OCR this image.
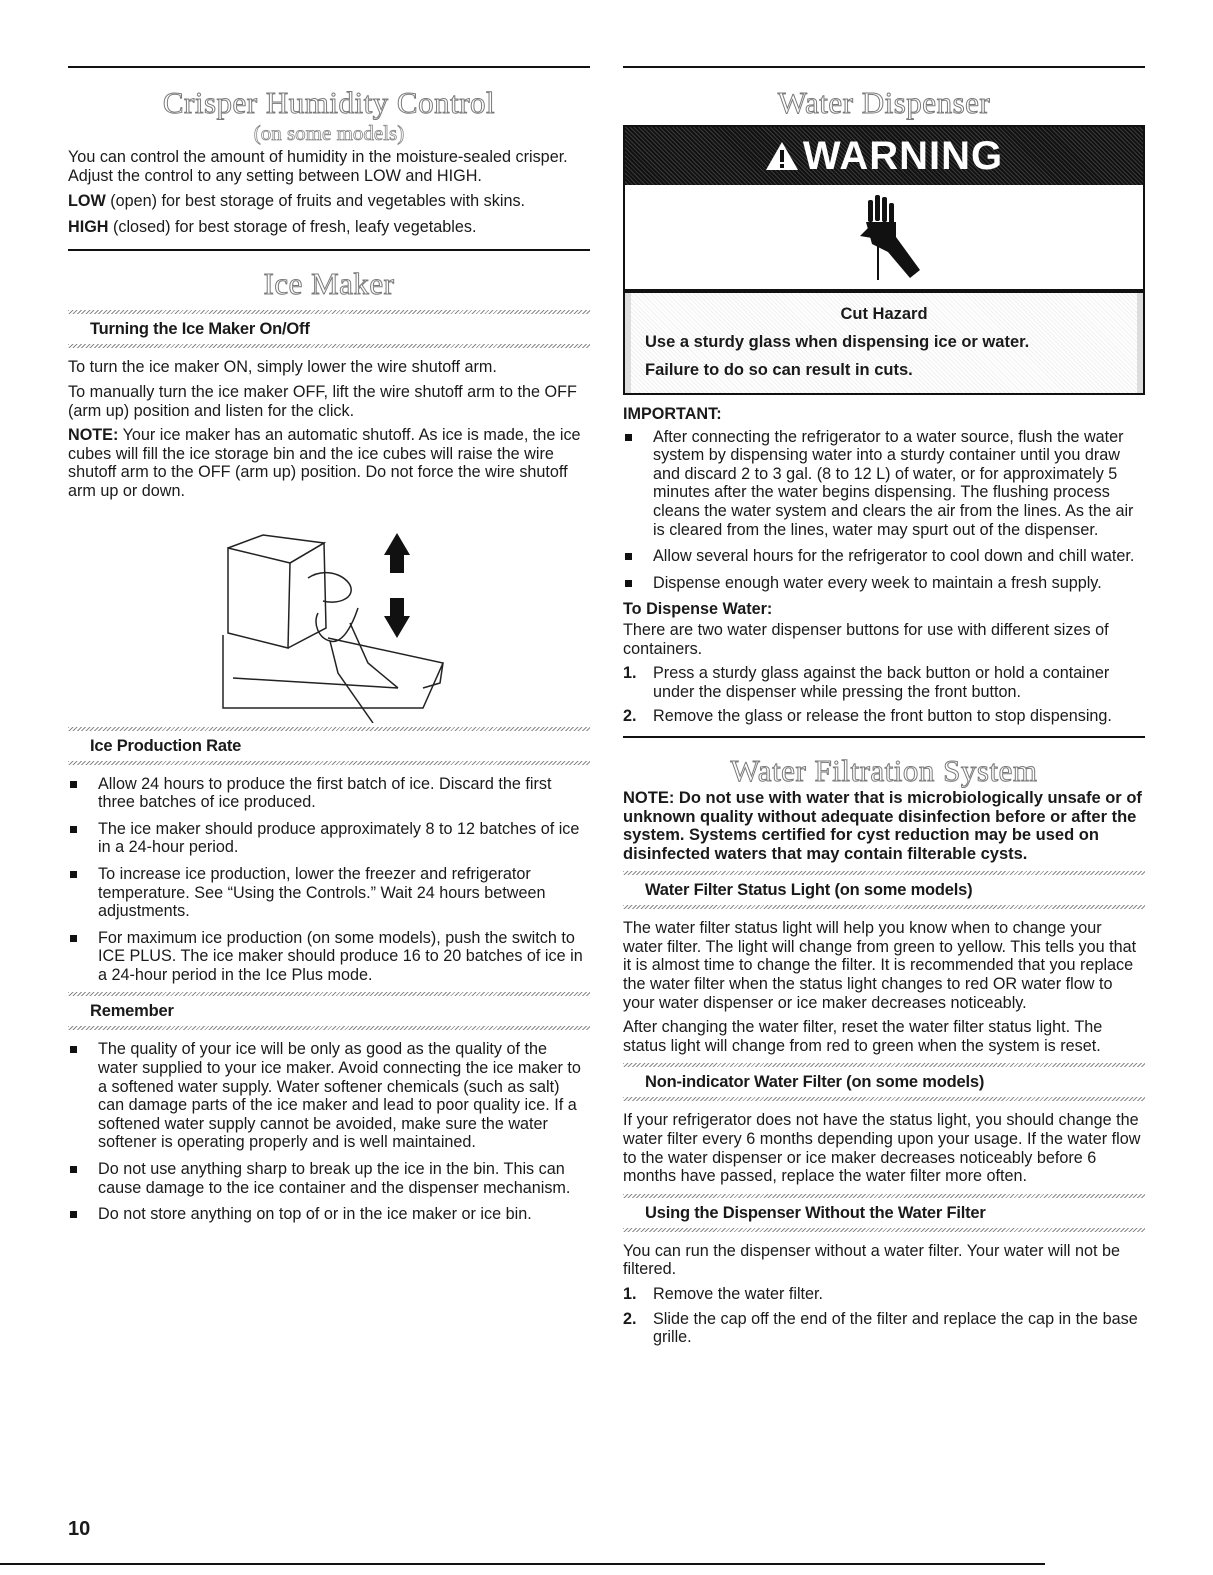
Crisper Humidity Control
(on some models)

You can control the amount of humidity in the moisture-sealed crisper. Adjust the control to any setting between LOW and HIGH.

LOW (open) for best storage of fruits and vegetables with skins.

HIGH (closed) for best storage of fresh, leafy vegetables.

Ice Maker
Turning the Ice Maker On/Off

To turn the ice maker ON, simply lower the wire shutoff arm.

To manually turn the ice maker OFF, lift the wire shutoff arm to the OFF (arm up) position and listen for the click.

NOTE: Your ice maker has an automatic shutoff. As ice is made, the ice cubes will fill the ice storage bin and the ice cubes will raise the wire shutoff arm to the OFF (arm up) position. Do not force the wire shutoff arm up or down.

Ice Production Rate
Allow 24 hours to produce the first batch of ice. Discard the first three batches of ice produced.
The ice maker should produce approximately 8 to 12 batches of ice in a 24-hour period.
To increase ice production, lower the freezer and refrigerator temperature. See “Using the Controls.” Wait 24 hours between adjustments.
For maximum ice production (on some models), push the switch to ICE PLUS. The ice maker should produce 16 to 20 batches of ice in a 24-hour period in the Ice Plus mode.
Remember
The quality of your ice will be only as good as the quality of the water supplied to your ice maker. Avoid connecting the ice maker to a softened water supply. Water softener chemicals (such as salt) can damage parts of the ice maker and lead to poor quality ice. If a softened water supply cannot be avoided, make sure the water softener is operating properly and is well maintained.
Do not use anything sharp to break up the ice in the bin. This can cause damage to the ice container and the dispenser mechanism.
Do not store anything on top of or in the ice maker or ice bin.
Water Dispenser
WARNING
Cut Hazard
Use a sturdy glass when dispensing ice or water.
Failure to do so can result in cuts.

IMPORTANT:

After connecting the refrigerator to a water source, flush the water system by dispensing water into a sturdy container until you draw and discard 2 to 3 gal. (8 to 12 L) of water, or for approximately 5 minutes after the water begins dispensing. The flushing process cleans the water system and clears the air from the lines. As the air is cleared from the lines, water may spurt out of the dispenser.
Allow several hours for the refrigerator to cool down and chill water.
Dispense enough water every week to maintain a fresh supply.

To Dispense Water:

There are two water dispenser buttons for use with different sizes of containers.

1. Press a sturdy glass against the back button or hold a container under the dispenser while pressing the front button.
2. Remove the glass or release the front button to stop dispensing.
Water Filtration System

NOTE: Do not use with water that is microbiologically unsafe or of unknown quality without adequate disinfection before or after the system. Systems certified for cyst reduction may be used on disinfected waters that may contain filterable cysts.

Water Filter Status Light (on some models)

The water filter status light will help you know when to change your water filter. The light will change from green to yellow. This tells you that it is almost time to change the filter. It is recommended that you replace the water filter when the status light changes to red OR water flow to your water dispenser or ice maker decreases noticeably.

After changing the water filter, reset the water filter status light. The status light will change from red to green when the system is reset.

Non-indicator Water Filter (on some models)

If your refrigerator does not have the status light, you should change the water filter every 6 months depending upon your usage. If the water flow to the water dispenser or ice maker decreases noticeably before 6 months have passed, replace the water filter more often.

Using the Dispenser Without the Water Filter

You can run the dispenser without a water filter. Your water will not be filtered.

1. Remove the water filter.
2. Slide the cap off the end of the filter and replace the cap in the base grille.
10
